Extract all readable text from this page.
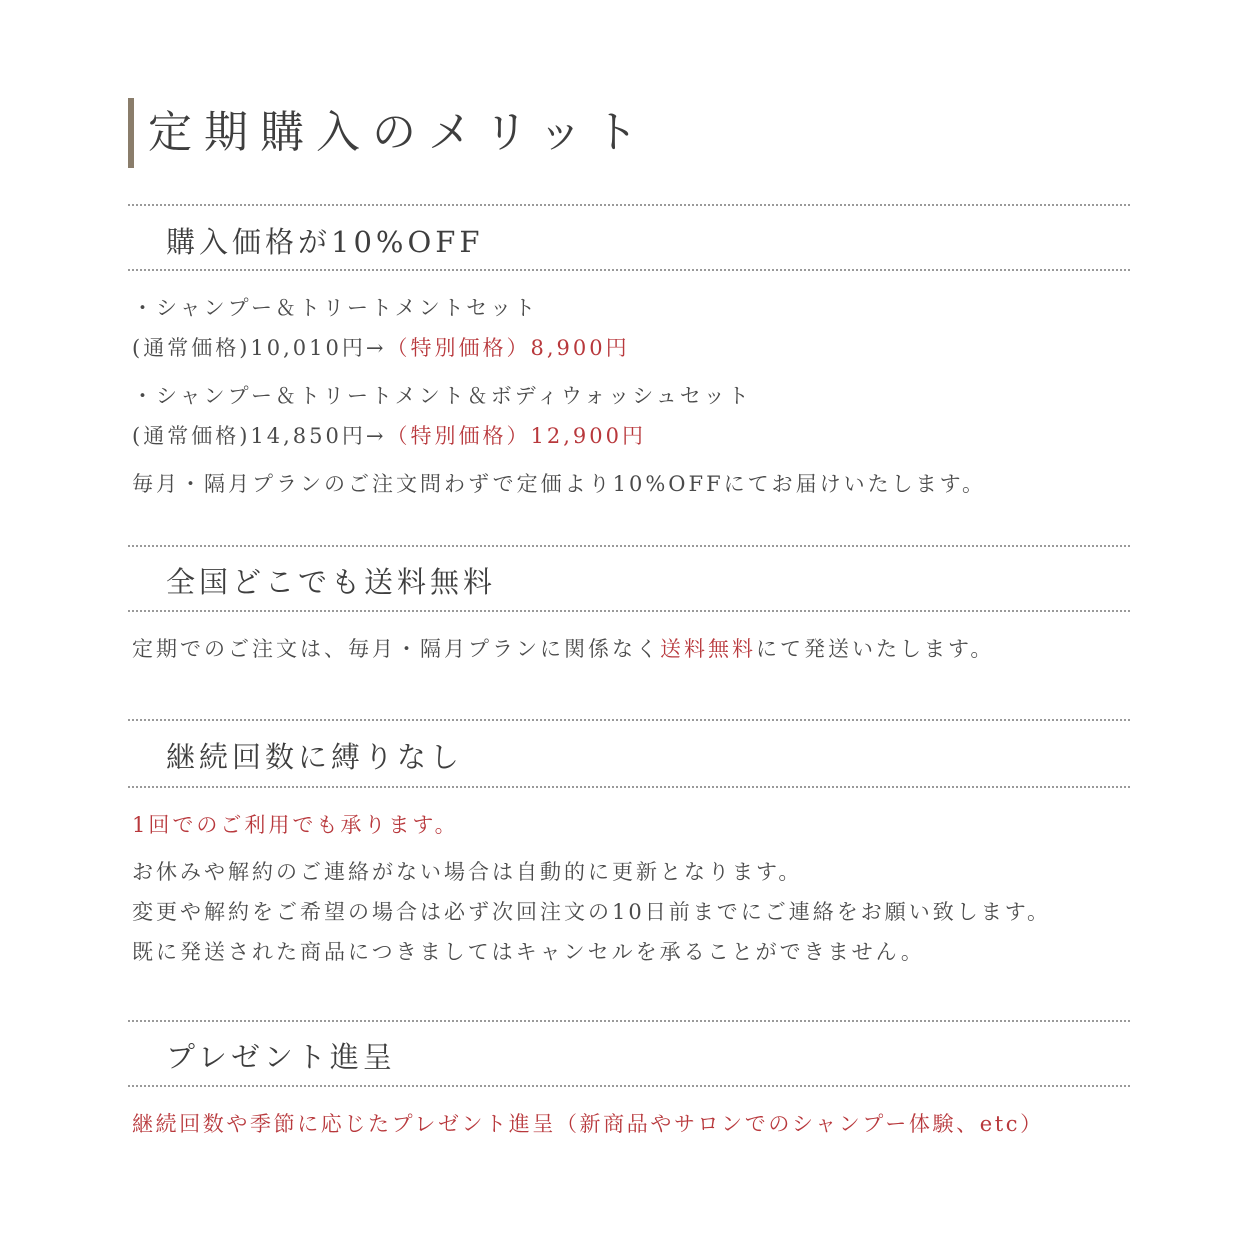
定期購入のメリット
購入価格が10%OFF
・シャンプー＆トリートメントセット
(通常価格)10,010円→（特別価格）8,900円
・シャンプー＆トリートメント＆ボディウォッシュセット
(通常価格)14,850円→（特別価格）12,900円
毎月・隔月プランのご注文問わずで定価より10%OFFにてお届けいたします。
全国どこでも送料無料
定期でのご注文は、毎月・隔月プランに関係なく送料無料にて発送いたします。
継続回数に縛りなし
1回でのご利用でも承ります。
お休みや解約のご連絡がない場合は自動的に更新となります。
変更や解約をご希望の場合は必ず次回注文の10日前までにご連絡をお願い致します。
既に発送された商品につきましてはキャンセルを承ることができません。
プレゼント進呈
継続回数や季節に応じたプレゼント進呈（新商品やサロンでのシャンプー体験、etc）
